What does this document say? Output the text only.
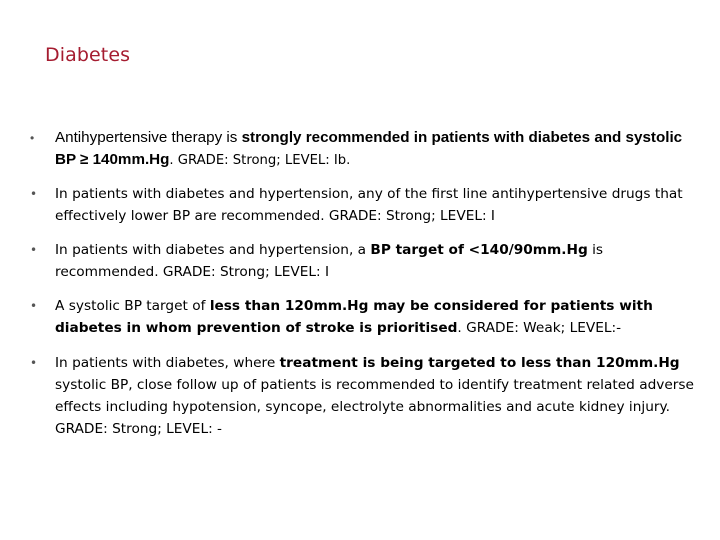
Diabetes
• Antihypertensive therapy is strongly recommended in patients with diabetes and systolic BP ≥ 140mm.Hg. GRADE: Strong; LEVEL: Ib.
• In patients with diabetes and hypertension, any of the first line antihypertensive drugs that effectively lower BP are recommended. GRADE: Strong; LEVEL: I
• In patients with diabetes and hypertension, a BP target of <140/90mm.Hg is recommended. GRADE: Strong; LEVEL: I
• A systolic BP target of less than 120mm.Hg may be considered for patients with diabetes in whom prevention of stroke is prioritised. GRADE: Weak; LEVEL:-
• In patients with diabetes, where treatment is being targeted to less than 120mm.Hg systolic BP, close follow up of patients is recommended to identify treatment related adverse effects including hypotension, syncope, electrolyte abnormalities and acute kidney injury. GRADE: Strong; LEVEL: -
